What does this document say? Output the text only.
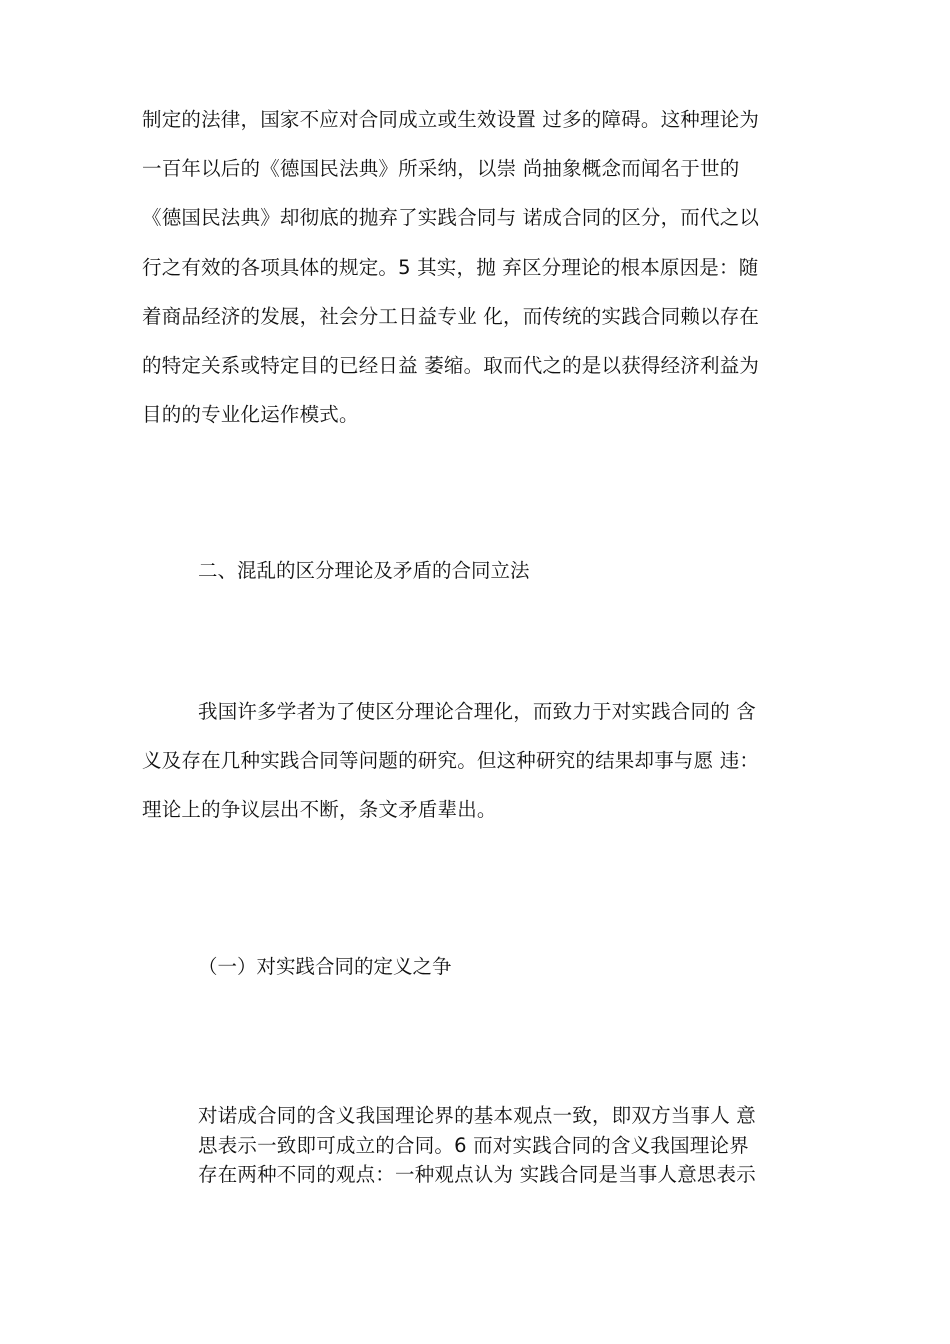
制定的法律，国家不应对合同成立或生效设置 过多的障碍。这种理论为
一百年以后的《德国民法典》所采纳，以崇 尚抽象概念而闻名于世的
《德国民法典》却彻底的抛弃了实践合同与 诺成合同的区分，而代之以
行之有效的各项具体的规定。5 其实，抛 弃区分理论的根本原因是：随
着商品经济的发展，社会分工日益专业 化，而传统的实践合同赖以存在
的特定关系或特定目的已经日益 萎缩。取而代之的是以获得经济利益为
目的的专业化运作模式。
二、混乱的区分理论及矛盾的合同立法
我国许多学者为了使区分理论合理化，而致力于对实践合同的 含
义及存在几种实践合同等问题的研究。但这种研究的结果却事与愿 违：
理论上的争议层出不断，条文矛盾辈出。
（一）对实践合同的定义之争
对诺成合同的含义我国理论界的基本观点一致，即双方当事人 意
思表示一致即可成立的合同。6 而对实践合同的含义我国理论界
存在两种不同的观点：一种观点认为 实践合同是当事人意思表示
